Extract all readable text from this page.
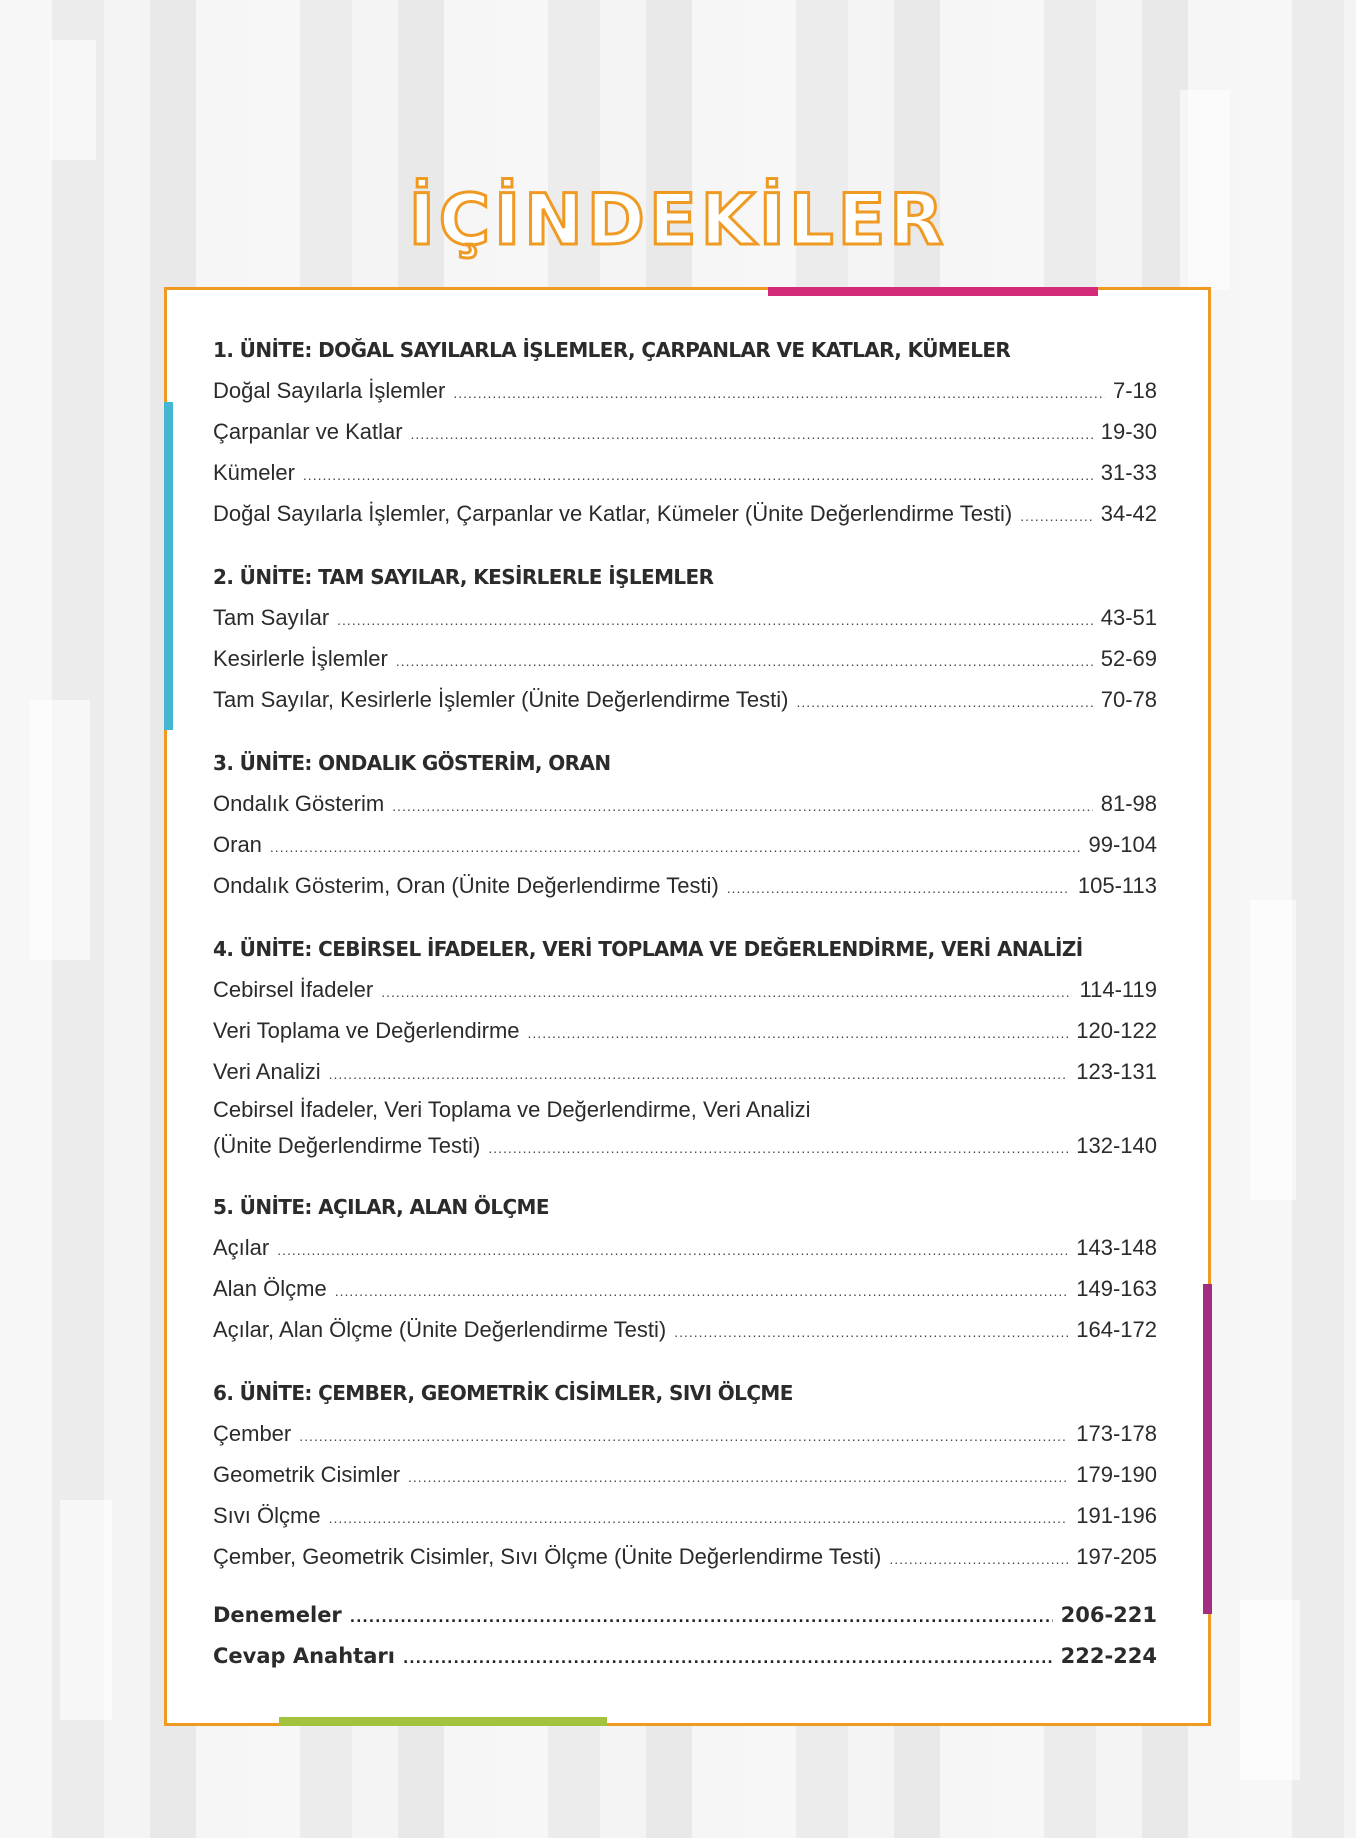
İÇİNDEKİLER
1. ÜNİTE: DOĞAL SAYILARLA İŞLEMLER, ÇARPANLAR VE KATLAR, KÜMELER
Doğal Sayılarla İşlemler .....	7-18
Çarpanlar ve Katlar .....	19-30
Kümeler .....	31-33
Doğal Sayılarla İşlemler, Çarpanlar ve Katlar, Kümeler (Ünite Değerlendirme Testi) .....	34-42
2. ÜNİTE: TAM SAYILAR, KESİRLERLE İŞLEMLER
Tam Sayılar .....	43-51
Kesirlerle İşlemler .....	52-69
Tam Sayılar, Kesirlerle İşlemler (Ünite Değerlendirme Testi) .....	70-78
3. ÜNİTE: ONDALIK GÖSTERİM, ORAN
Ondalık Gösterim .....	81-98
Oran .....	99-104
Ondalık Gösterim, Oran (Ünite Değerlendirme Testi) .....	105-113
4. ÜNİTE: CEBİRSEL İFADELER, VERİ TOPLAMA VE DEĞERLENDİRME, VERİ ANALİZİ
Cebirsel İfadeler .....	114-119
Veri Toplama ve Değerlendirme .....	120-122
Veri Analizi .....	123-131
Cebirsel İfadeler, Veri Toplama ve Değerlendirme, Veri Analizi
(Ünite Değerlendirme Testi) .....	132-140
5. ÜNİTE: AÇILAR, ALAN ÖLÇME
Açılar .....	143-148
Alan Ölçme .....	149-163
Açılar, Alan Ölçme (Ünite Değerlendirme Testi) .....	164-172
6. ÜNİTE: ÇEMBER, GEOMETRİK CİSİMLER, SIVI ÖLÇME
Çember .....	173-178
Geometrik Cisimler .....	179-190
Sıvı Ölçme .....	191-196
Çember, Geometrik Cisimler, Sıvı Ölçme (Ünite Değerlendirme Testi) .....	197-205
Denemeler .....	206-221
Cevap Anahtarı .....	222-224
